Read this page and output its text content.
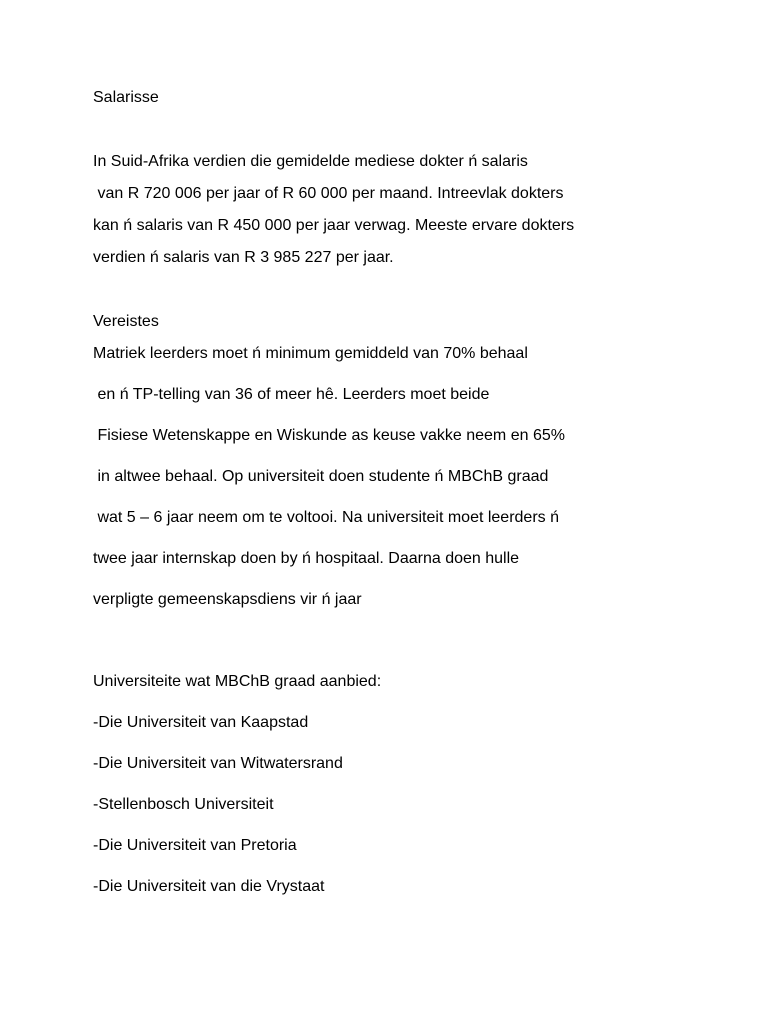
Salarisse
In Suid-Afrika verdien die gemidelde mediese dokter ń salaris
van R 720 006 per jaar of R 60 000 per maand. Intreevlak dokters
kan ń salaris van R 450 000 per jaar verwag. Meeste ervare dokters
verdien ń salaris van R 3 985 227 per jaar.
Vereistes
Matriek leerders moet ń minimum gemiddeld van 70% behaal
en ń TP-telling van 36 of meer hê. Leerders moet beide
Fisiese Wetenskappe en Wiskunde as keuse vakke neem en 65%
in altwee behaal. Op universiteit doen studente ń MBChB graad
wat 5 – 6 jaar neem om te voltooi. Na universiteit moet leerders ń
twee jaar internskap doen by ń hospitaal. Daarna doen hulle
verpligte gemeenskapsdiens vir ń jaar
Universiteite wat MBChB graad aanbied:
-Die Universiteit van Kaapstad
-Die Universiteit van Witwatersrand
-Stellenbosch Universiteit
-Die Universiteit van Pretoria
-Die Universiteit van die Vrystaat
